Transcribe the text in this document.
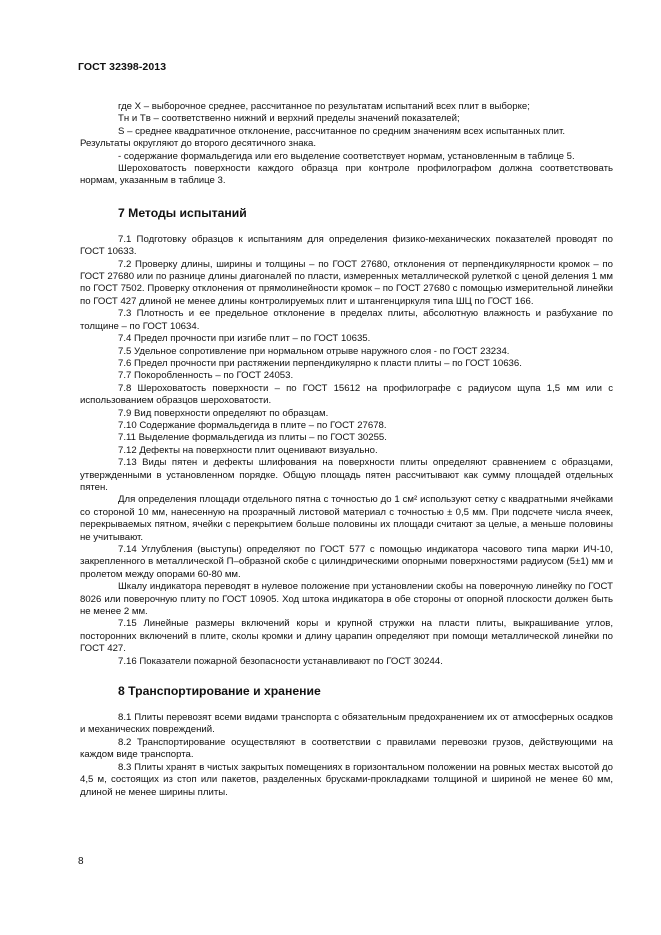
ГОСТ 32398-2013

где X – выборочное среднее, рассчитанное по результатам испытаний всех плит в выборке;

Tн и Tв – соответственно нижний и верхний пределы значений показателей;

S – среднее квадратичное отклонение, рассчитанное по средним значениям всех испытанных плит.

Результаты округляют до второго десятичного знака.

- содержание формальдегида или его выделение соответствует нормам, установленным в таблице 5.

Шероховатость поверхности каждого образца при контроле профилографом должна соответствовать нормам, указанным в таблице 3.

7 Методы испытаний

7.1 Подготовку образцов к испытаниям для определения физико-механических показателей проводят по ГОСТ 10633.

7.2 Проверку длины, ширины и толщины – по ГОСТ 27680, отклонения от перпендикулярности кромок – по ГОСТ 27680 или по разнице длины диагоналей по пласти, измеренных металлической рулеткой с ценой деления 1 мм по ГОСТ 7502. Проверку отклонения от прямолинейности кромок – по ГОСТ 27680 с помощью измерительной линейки по ГОСТ 427 длиной не менее длины контролируемых плит и штангенциркуля типа ШЦ по ГОСТ 166.

7.3 Плотность и ее предельное отклонение в пределах плиты, абсолютную влажность и разбухание по толщине – по ГОСТ 10634.

7.4 Предел прочности при изгибе плит – по ГОСТ 10635.

7.5 Удельное сопротивление при нормальном отрыве наружного слоя - по ГОСТ 23234.

7.6 Предел прочности при растяжении перпендикулярно к пласти плиты – по ГОСТ 10636.

7.7 Покоробленность – по ГОСТ 24053.

7.8 Шероховатость поверхности – по ГОСТ 15612 на профилографе с радиусом щупа 1,5 мм или с использованием образцов шероховатости.

7.9 Вид поверхности определяют по образцам.

7.10 Содержание формальдегида в плите – по ГОСТ 27678.

7.11 Выделение формальдегида из плиты – по ГОСТ 30255.

7.12 Дефекты на поверхности плит оценивают визуально.

7.13 Виды пятен и дефекты шлифования на поверхности плиты определяют сравнением с образцами, утвержденными в установленном порядке. Общую площадь пятен рассчитывают как сумму площадей отдельных пятен.

Для определения площади отдельного пятна с точностью до 1 см² используют сетку с квадратными ячейками со стороной 10 мм, нанесенную на прозрачный листовой материал с точностью ± 0,5 мм. При подсчете числа ячеек, перекрываемых пятном, ячейки с перекрытием больше половины их площади считают за целые, а меньше половины не учитывают.

7.14 Углубления (выступы) определяют по ГОСТ 577 с помощью индикатора часового типа марки ИЧ-10, закрепленного в металлической П–образной скобе с цилиндрическими опорными поверхностями радиусом (5±1) мм и пролетом между опорами 60-80 мм.

Шкалу индикатора переводят в нулевое положение при установлении скобы на поверочную линейку по ГОСТ 8026 или поверочную плиту по ГОСТ 10905. Ход штока индикатора в обе стороны от опорной плоскости должен быть не менее 2 мм.

7.15 Линейные размеры включений коры и крупной стружки на пласти плиты, выкрашивание углов, посторонних включений в плите, сколы кромки и длину царапин определяют при помощи металлической линейки по ГОСТ 427.

7.16 Показатели пожарной безопасности устанавливают по ГОСТ 30244.

8 Транспортирование и хранение

8.1 Плиты перевозят всеми видами транспорта с обязательным предохранением их от атмосферных осадков и механических повреждений.

8.2 Транспортирование осуществляют в соответствии с правилами перевозки грузов, действующими на каждом виде транспорта.

8.3 Плиты хранят в чистых закрытых помещениях в горизонтальном положении на ровных местах высотой до 4,5 м, состоящих из стоп или пакетов, разделенных брусками-прокладками толщиной и шириной не менее 60 мм, длиной не менее ширины плиты.

8
